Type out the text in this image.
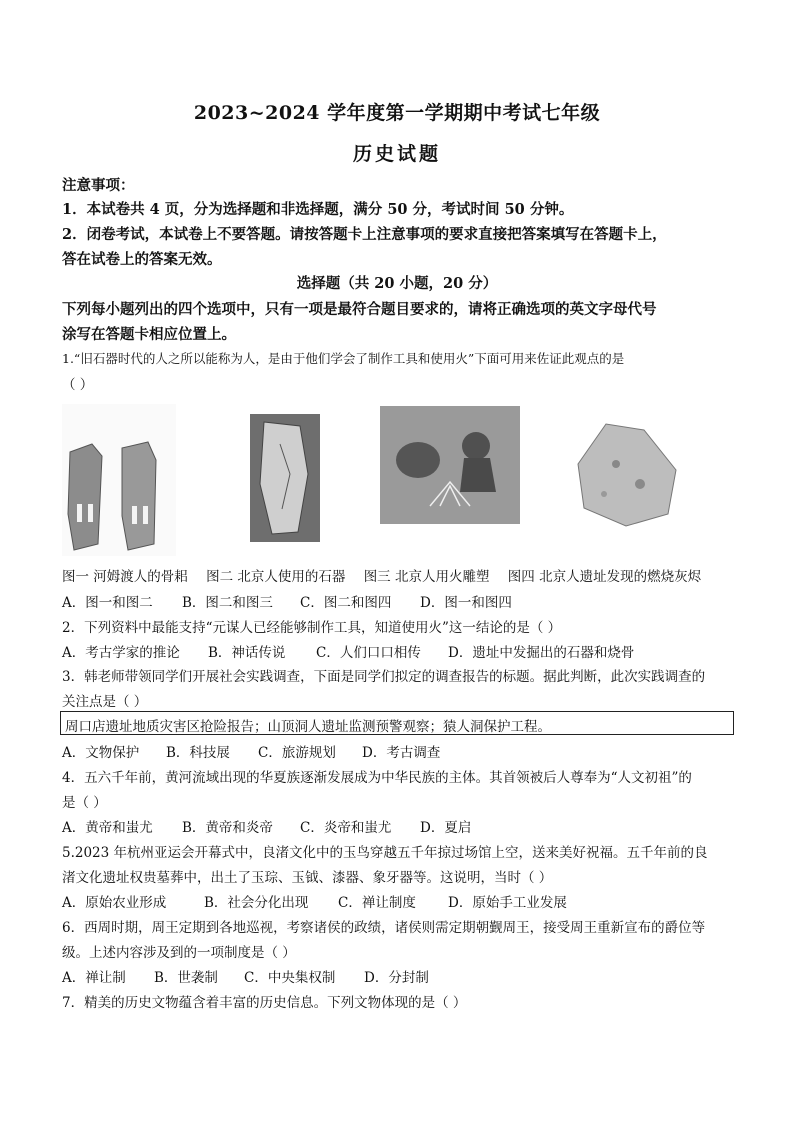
2023~2024 学年度第一学期期中考试七年级
历史试题
注意事项：
1．本试卷共 4 页，分为选择题和非选择题，满分 50 分，考试时间 50 分钟。
2．闭卷考试，本试卷上不要答题。请按答题卡上注意事项的要求直接把答案填写在答题卡上，
答在试卷上的答案无效。
选择题（共 20 小题，20 分）
下列每小题列出的四个选项中，只有一项是最符合题目要求的，请将正确选项的英文字母代号
涂写在答题卡相应位置上。
1.“旧石器时代的人之所以能称为人，是由于他们学会了制作工具和使用火”下面可用来佐证此观点的是
（ ）
图一 河姆渡人的骨耜 图二 北京人使用的石器 图三 北京人用火雕塑 图四 北京人遗址发现的燃烧灰烬
A．图一和图二 B．图二和图三 C．图二和图四 D．图一和图四
2．下列资料中最能支持“元谋人已经能够制作工具，知道使用火”这一结论的是（ ）
A．考古学家的推论 B．神话传说 C．人们口口相传 D．遗址中发掘出的石器和烧骨
3．韩老师带领同学们开展社会实践调查，下面是同学们拟定的调查报告的标题。据此判断，此次实践调查的
关注点是（ ）
周口店遗址地质灾害区抢险报告；山顶洞人遗址监测预警观察；猿人洞保护工程。
A．文物保护 B．科技展 C．旅游规划 D．考古调查
4．五六千年前，黄河流域出现的华夏族逐渐发展成为中华民族的主体。其首领被后人尊奉为“人文初祖”的
是（ ）
A．黄帝和蚩尤 B．黄帝和炎帝 C．炎帝和蚩尤 D．夏启
5.2023 年杭州亚运会开幕式中，良渚文化中的玉鸟穿越五千年掠过场馆上空，送来美好祝福。五千年前的良
渚文化遗址权贵墓葬中，出土了玉琮、玉钺、漆器、象牙器等。这说明，当时（ ）
A．原始农业形成	B．社会分化出现 C．禅让制度 D．原始手工业发展
6．西周时期，周王定期到各地巡视，考察诸侯的政绩，诸侯则需定期朝觐周王，接受周王重新宣布的爵位等
级。上述内容涉及到的一项制度是（ ）
A．禅让制 B．世袭制 C．中央集权制 D．分封制
7．精美的历史文物蕴含着丰富的历史信息。下列文物体现的是（ ）
